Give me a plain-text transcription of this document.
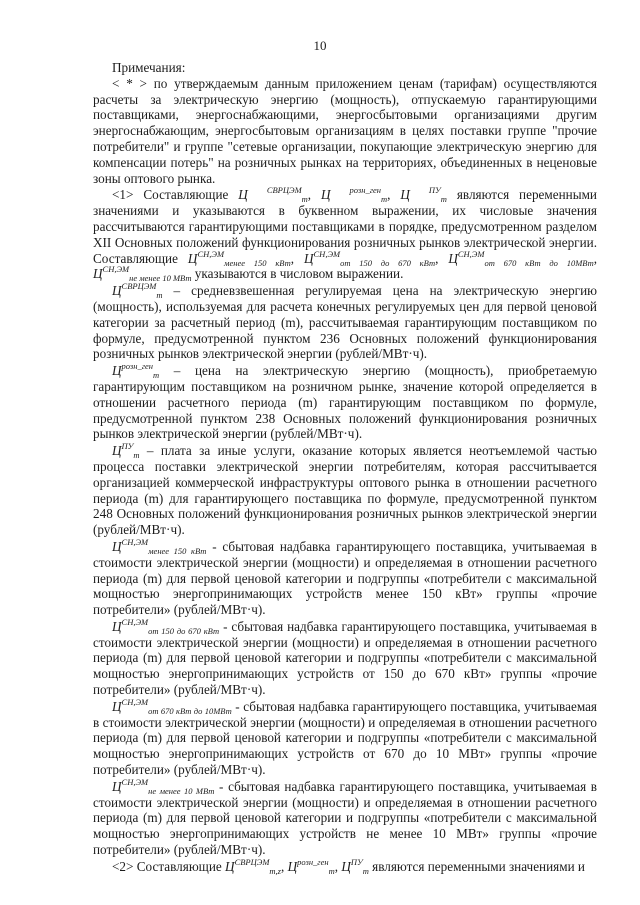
10

Примечания:

< * > по утверждаемым данным приложением ценам (тарифам) осуществляются расчеты за электрическую энергию (мощность), отпускаемую гарантирующими поставщиками, энергоснабжающими, энергосбытовыми организациями другим энергоснабжающим, энергосбытовым организациям в целях поставки группе "прочие потребители" и группе "сетевые организации, покупающие электрическую энергию для компенсации потерь" на розничных рынках на территориях, объединенных в неценовые зоны оптового рынка.

<1> Составляющие Ц $^{СВРЦЭМ}_m$, Ц $^{розн\_ген}_m$, Ц $^{ПУ}_m$ являются переменными значениями и указываются в буквенном выражении, их числовые значения рассчитываются гарантирующими поставщиками в порядке, предусмотренном разделом XII Основных положений функционирования розничных рынков электрической энергии. Составляющие $Ц^{СН,ЭМ}_{менее 150 кВт}$, $Ц^{СН,ЭМ}_{от 150 до 670 кВт}$, $Ц^{СН,ЭМ}_{от 670 кВт до 10МВт}$, $Ц^{СН,ЭМ}_{не менее 10 МВт}$ указываются в числовом выражении.

$Ц^{СВРЦЭМ}_m$ – средневзвешенная регулируемая цена на электрическую энергию (мощность), используемая для расчета конечных регулируемых цен для первой ценовой категории за расчетный период (m), рассчитываемая гарантирующим поставщиком по формуле, предусмотренной пунктом 236 Основных положений функционирования розничных рынков электрической энергии (рублей/МВт·ч).

$Ц^{розн\_ген}_m$ – цена на электрическую энергию (мощность), приобретаемую гарантирующим поставщиком на розничном рынке, значение которой определяется в отношении расчетного периода (m) гарантирующим поставщиком по формуле, предусмотренной пунктом 238 Основных положений функционирования розничных рынков электрической энергии (рублей/МВт·ч).

$Ц^{ПУ}_m$ – плата за иные услуги, оказание которых является неотъемлемой частью процесса поставки электрической энергии потребителям, которая рассчитывается организацией коммерческой инфраструктуры оптового рынка в отношении расчетного периода (m) для гарантирующего поставщика по формуле, предусмотренной пунктом 248 Основных положений функционирования розничных рынков электрической энергии (рублей/МВт·ч).

$Ц^{СН,ЭМ}_{менее 150 кВт}$ - сбытовая надбавка гарантирующего поставщика, учитываемая в стоимости электрической энергии (мощности) и определяемая в отношении расчетного периода (m) для первой ценовой категории и подгруппы «потребители с максимальной мощностью энергопринимающих устройств менее 150 кВт» группы «прочие потребители» (рублей/МВт·ч).

$Ц^{СН,ЭМ}_{от 150 до 670 кВт}$ - сбытовая надбавка гарантирующего поставщика, учитываемая в стоимости электрической энергии (мощности) и определяемая в отношении расчетного периода (m) для первой ценовой категории и подгруппы «потребители с максимальной мощностью энергопринимающих устройств от 150 до 670 кВт» группы «прочие потребители» (рублей/МВт·ч).

$Ц^{СН,ЭМ}_{от 670 кВт до 10МВт}$ - сбытовая надбавка гарантирующего поставщика, учитываемая в стоимости электрической энергии (мощности) и определяемая в отношении расчетного периода (m) для первой ценовой категории и подгруппы «потребители с максимальной мощностью энергопринимающих устройств от 670 до 10 МВт» группы «прочие потребители» (рублей/МВт·ч).

$Ц^{СН,ЭМ}_{не менее 10 МВт}$ - сбытовая надбавка гарантирующего поставщика, учитываемая в стоимости электрической энергии (мощности) и определяемая в отношении расчетного периода (m) для первой ценовой категории и подгруппы «потребители с максимальной мощностью энергопринимающих устройств не менее 10 МВт» группы «прочие потребители» (рублей/МВт·ч).

<2> Составляющие $Ц^{СВРЦЭМ}_{m,z}$, $Ц^{розн\_ген}_m$, $Ц^{ПУ}_m$ являются переменными значениями и
